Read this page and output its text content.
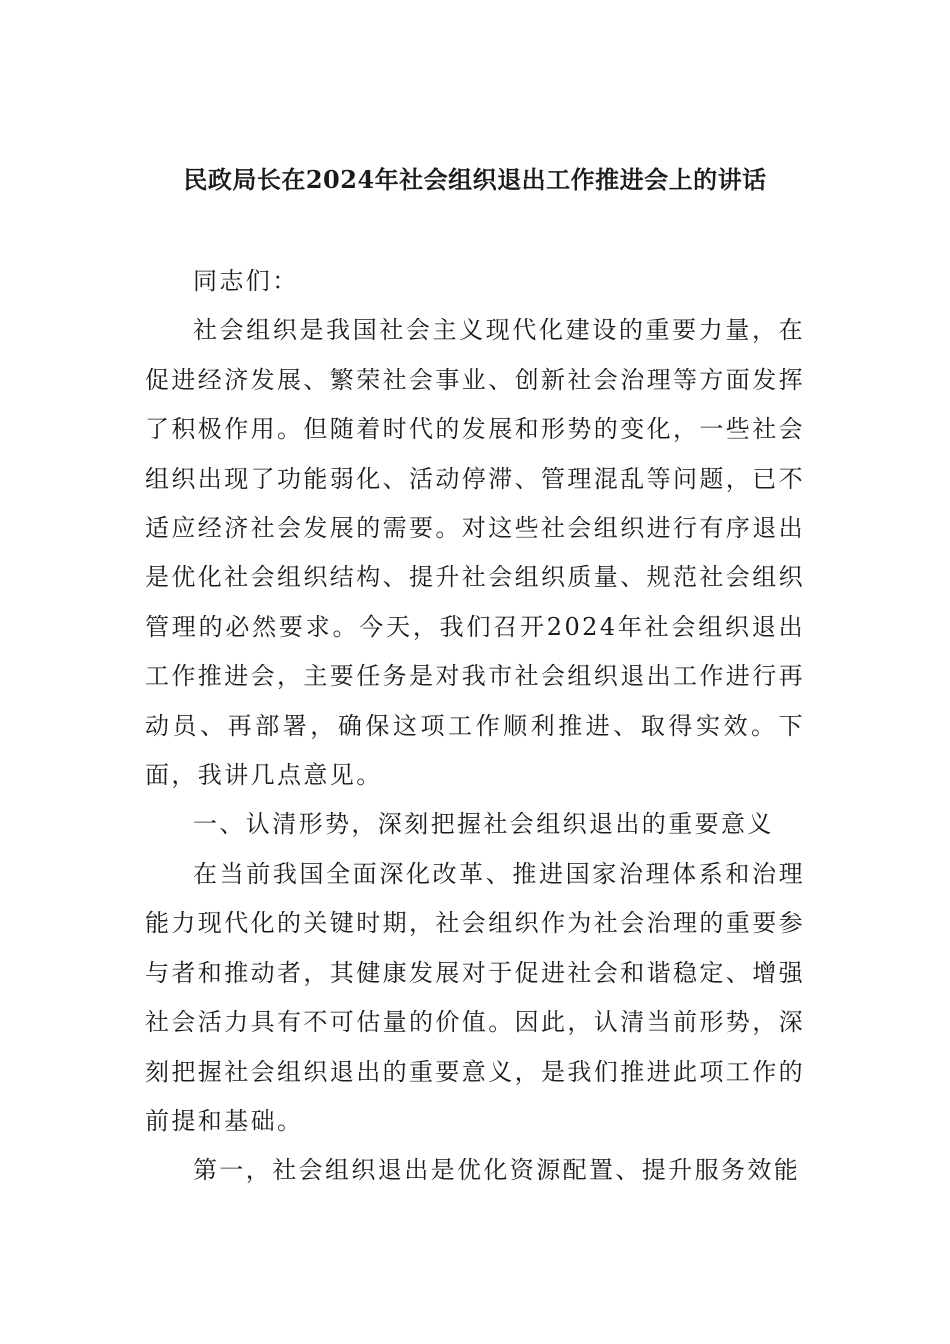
民政局长在2024年社会组织退出工作推进会上的讲话

同志们：

社会组织是我国社会主义现代化建设的重要力量，在促进经济发展、繁荣社会事业、创新社会治理等方面发挥了积极作用。但随着时代的发展和形势的变化，一些社会组织出现了功能弱化、活动停滞、管理混乱等问题，已不适应经济社会发展的需要。对这些社会组织进行有序退出是优化社会组织结构、提升社会组织质量、规范社会组织管理的必然要求。今天，我们召开2024年社会组织退出工作推进会，主要任务是对我市社会组织退出工作进行再动员、再部署，确保这项工作顺利推进、取得实效。下面，我讲几点意见。

一、认清形势，深刻把握社会组织退出的重要意义

在当前我国全面深化改革、推进国家治理体系和治理能力现代化的关键时期，社会组织作为社会治理的重要参与者和推动者，其健康发展对于促进社会和谐稳定、增强社会活力具有不可估量的价值。因此，认清当前形势，深刻把握社会组织退出的重要意义，是我们推进此项工作的前提和基础。

第一，社会组织退出是优化资源配置、提升服务效能
